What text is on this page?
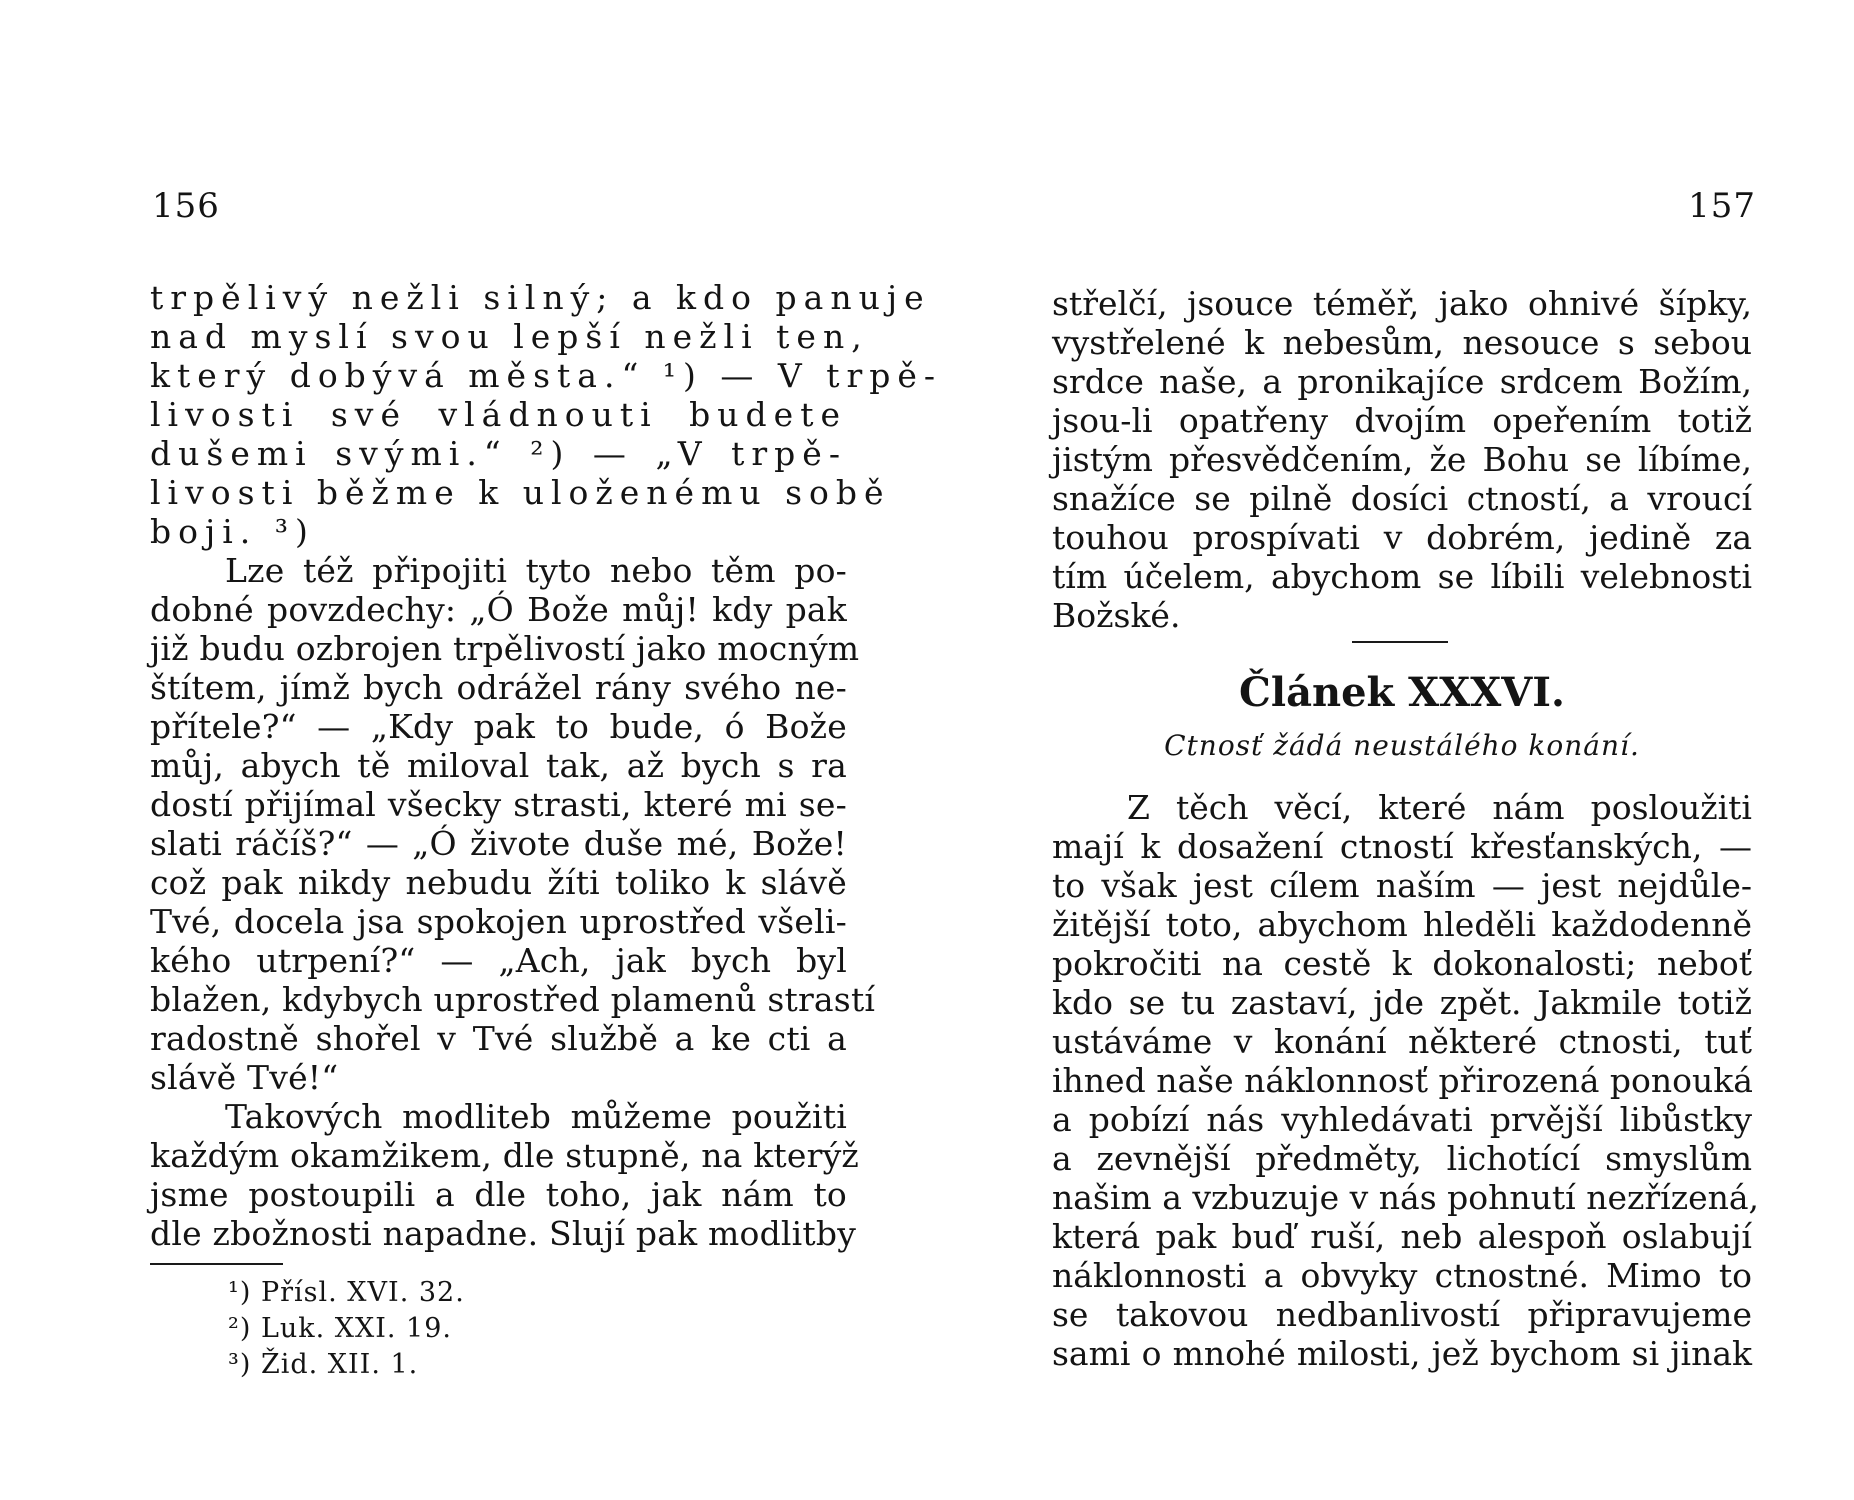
156
trpělivý nežli silný; a kdo panuje
nad myslí svou lepší nežli ten,
který dobývá města.“ ¹) — V trpě-
livosti své vládnouti budete
dušemi svými.“ ²) — „V trpě-
livosti běžme k uloženému sobě
boji. ³)
Lze též připojiti tyto nebo těm po-
dobné povzdechy: „Ó Bože můj! kdy pak
již budu ozbrojen trpělivostí jako mocným
štítem, jímž bych odrážel rány svého ne-
přítele?“ — „Kdy pak to bude, ó Bože
můj, abych tě miloval tak, až bych s ra
dostí přijímal všecky strasti, které mi se-
slati ráčíš?“ — „Ó živote duše mé, Bože!
což pak nikdy nebudu žíti toliko k slávě
Tvé, docela jsa spokojen uprostřed všeli-
kého utrpení?“ — „Ach, jak bych byl
blažen, kdybych uprostřed plamenů strastí
radostně shořel v Tvé službě a ke cti a
slávě Tvé!“
Takových modliteb můžeme použiti
každým okamžikem, dle stupně, na kterýž
jsme postoupili a dle toho, jak nám to
dle zbožnosti napadne. Slují pak modlitby
¹) Přísl. XVI. 32.
²) Luk. XXI. 19.
³) Žid. XII. 1.
157
střelčí, jsouce téměř, jako ohnivé šípky,
vystřelené k nebesům, nesouce s sebou
srdce naše, a pronikajíce srdcem Božím,
jsou-li opatřeny dvojím opeřením totiž
jistým přesvědčením, že Bohu se líbíme,
snažíce se pilně dosíci ctností, a vroucí
touhou prospívati v dobrém, jedině za
tím účelem, abychom se líbili velebnosti
Božské.
Článek XXXVI.
Ctnosť žádá neustálého konání.
Z těch věcí, které nám posloužiti
mají k dosažení ctností křesťanských, —
to však jest cílem naším — jest nejdůle-
žitější toto, abychom hleděli každodenně
pokročiti na cestě k dokonalosti; neboť
kdo se tu zastaví, jde zpět. Jakmile totiž
ustáváme v konání některé ctnosti, tuť
ihned naše náklonnosť přirozená ponouká
a pobízí nás vyhledávati prvější libůstky
a zevnější předměty, lichotící smyslům
našim a vzbuzuje v nás pohnutí nezřízená,
která pak buď ruší, neb alespoň oslabují
náklonnosti a obvyky ctnostné. Mimo to
se takovou nedbanlivostí připravujeme
sami o mnohé milosti, jež bychom si jinak
